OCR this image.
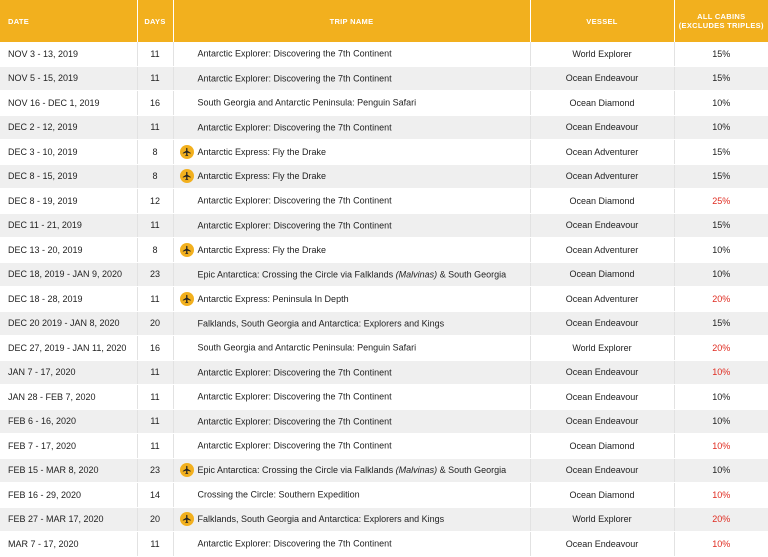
DATE	DAYS	TRIP NAME	VESSEL	ALL CABINS
(EXCLUDES TRIPLES)
NOV 3 - 13, 2019	11	Antarctic Explorer: Discovering the 7th Continent	World Explorer	15%
NOV 5 - 15, 2019	11	Antarctic Explorer: Discovering the 7th Continent	Ocean Endeavour	15%
NOV 16 - DEC 1, 2019	16	South Georgia and Antarctic Peninsula: Penguin Safari	Ocean Diamond	10%
DEC 2 - 12, 2019	11	Antarctic Explorer: Discovering the 7th Continent	Ocean Endeavour	10%
DEC 3 - 10, 2019	8	Antarctic Express: Fly the Drake	Ocean Adventurer	15%
DEC 8 - 15, 2019	8	Antarctic Express: Fly the Drake	Ocean Adventurer	15%
DEC 8 - 19, 2019	12	Antarctic Explorer: Discovering the 7th Continent	Ocean Diamond	25%
DEC 11 - 21, 2019	11	Antarctic Explorer: Discovering the 7th Continent	Ocean Endeavour	15%
DEC 13 - 20, 2019	8	Antarctic Express: Fly the Drake	Ocean Adventurer	10%
DEC 18, 2019 - JAN 9, 2020	23	Epic Antarctica: Crossing the Circle via Falklands (Malvinas) & South Georgia	Ocean Diamond	10%
DEC 18 - 28, 2019	11	Antarctic Express: Peninsula In Depth	Ocean Adventurer	20%
DEC 20 2019 - JAN 8, 2020	20	Falklands, South Georgia and Antarctica: Explorers and Kings	Ocean Endeavour	15%
DEC 27, 2019 - JAN 11, 2020	16	South Georgia and Antarctic Peninsula: Penguin Safari	World Explorer	20%
JAN 7 - 17, 2020	11	Antarctic Explorer: Discovering the 7th Continent	Ocean Endeavour	10%
JAN 28 - FEB 7, 2020	11	Antarctic Explorer: Discovering the 7th Continent	Ocean Endeavour	10%
FEB 6 - 16, 2020	11	Antarctic Explorer: Discovering the 7th Continent	Ocean Endeavour	10%
FEB 7 - 17, 2020	11	Antarctic Explorer: Discovering the 7th Continent	Ocean Diamond	10%
FEB 15 - MAR 8, 2020	23	Epic Antarctica: Crossing the Circle via Falklands (Malvinas) & South Georgia	Ocean Endeavour	10%
FEB 16 - 29, 2020	14	Crossing the Circle: Southern Expedition	Ocean Diamond	10%
FEB 27 - MAR 17, 2020	20	Falklands, South Georgia and Antarctica: Explorers and Kings	World Explorer	20%
MAR 7 - 17, 2020	11	Antarctic Explorer: Discovering the 7th Continent	Ocean Endeavour	10%
